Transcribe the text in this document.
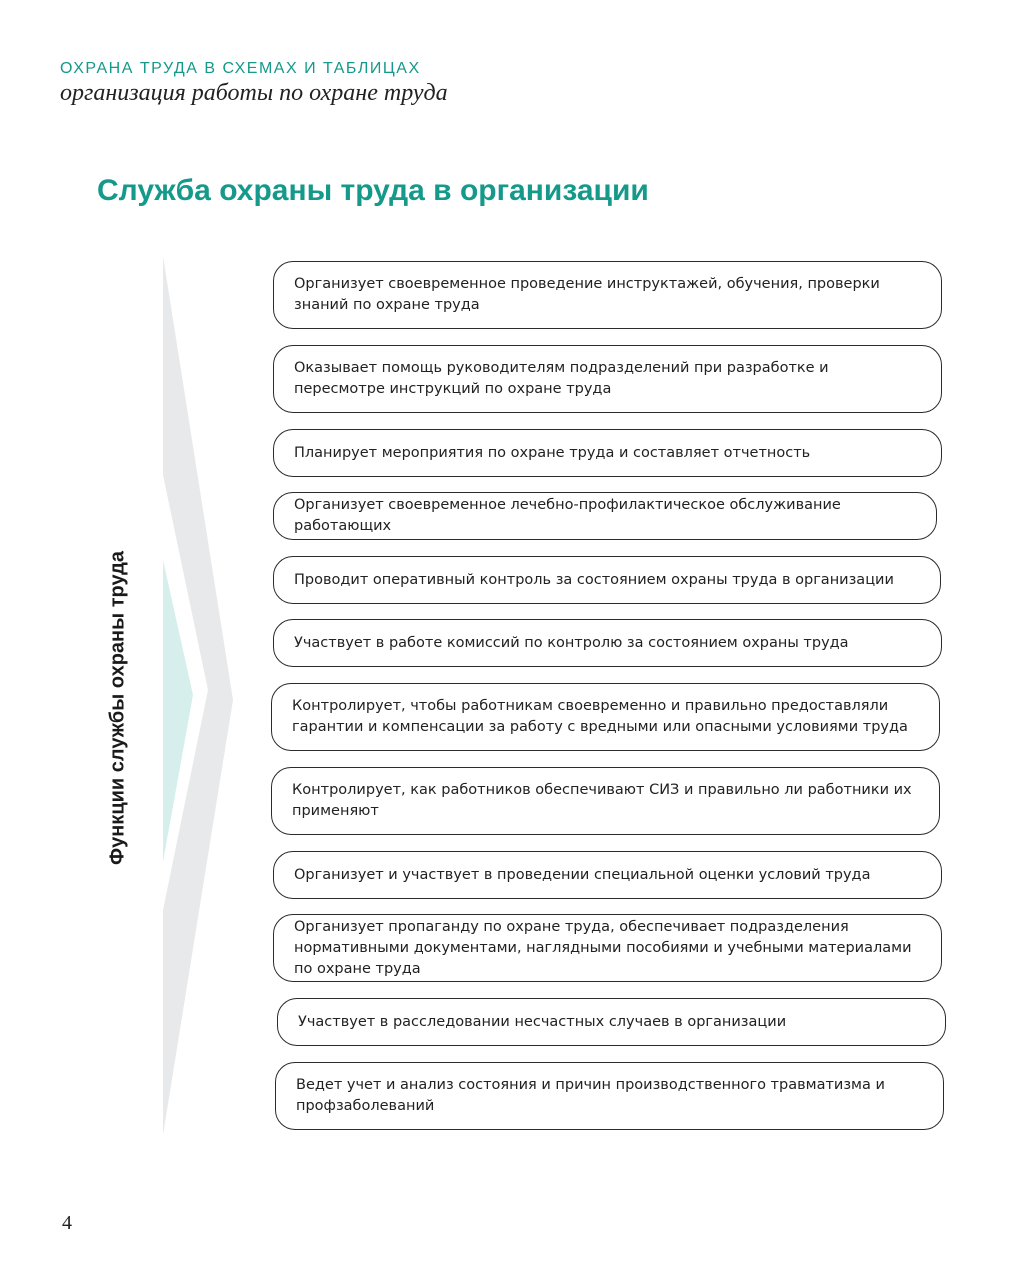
ОХРАНА ТРУДА В СХЕМАХ И ТАБЛИЦАХ
организация работы по охране труда
Служба охраны труда в организации
Функции службы охраны труда
Организует своевременное проведение инструктажей, обучения, проверки знаний по охране труда
Оказывает помощь руководителям подразделений при разработке и пересмотре инструкций по охране труда
Планирует мероприятия по охране труда и составляет отчетность
Организует своевременное лечебно-профилактическое обслуживание работающих
Проводит оперативный контроль за состоянием охраны труда в организации
Участвует в работе комиссий по контролю за состоянием охраны труда
Контролирует, чтобы работникам своевременно и правильно предоставляли гарантии и компенсации за работу с вредными или опасными условиями труда
Контролирует, как работников обеспечивают СИЗ и правильно ли работники их применяют
Организует и участвует в проведении специальной оценки условий труда
Организует пропаганду по охране труда, обеспечивает подразделения нормативными документами, наглядными пособиями и учебными материалами по охране труда
Участвует в расследовании несчастных случаев в организации
Ведет учет и анализ состояния и причин производственного травматизма и профзаболеваний
4
